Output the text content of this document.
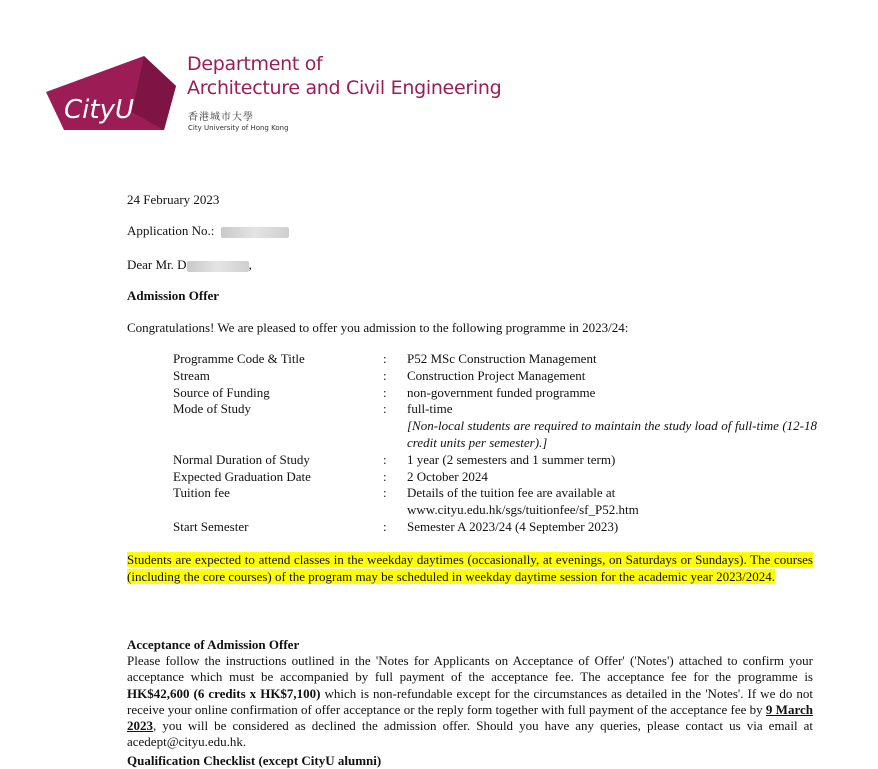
CityU
Department of
Architecture and Civil Engineering
香港城市大學
City University of Hong Kong
24 February 2023
Application No.:
Dear Mr. D	,
Admission Offer
Congratulations! We are pleased to offer you admission to the following programme in 2023/24:
Programme Code & Title	:	P52 MSc Construction Management
Stream	:	Construction Project Management
Source of Funding	:	non-government funded programme
Mode of Study	:	full-time
[Non-local students are required to maintain the study load of full-time (12-18 credit units per semester).]
Normal Duration of Study	:	1 year (2 semesters and 1 summer term)
Expected Graduation Date	:	2 October 2024
Tuition fee	:	Details of the tuition fee are available at
www.cityu.edu.hk/sgs/tuitionfee/sf_P52.htm
Start Semester	:	Semester A 2023/24 (4 September 2023)
Students are expected to attend classes in the weekday daytimes (occasionally, at evenings, on Saturdays or Sundays). The courses (including the core courses) of the program may be scheduled in weekday daytime session for the academic year 2023/2024.
Acceptance of Admission Offer
Please follow the instructions outlined in the 'Notes for Applicants on Acceptance of Offer' ('Notes') attached to confirm your acceptance which must be accompanied by full payment of the acceptance fee. The acceptance fee for the programme is HK$42,600 (6 credits x HK$7,100) which is non-refundable except for the circumstances as detailed in the 'Notes'. If we do not receive your online confirmation of offer acceptance or the reply form together with full payment of the acceptance fee by 9 March 2023, you will be considered as declined the admission offer. Should you have any queries, please contact us via email at acedept@cityu.edu.hk.
Qualification Checklist (except CityU alumni)
